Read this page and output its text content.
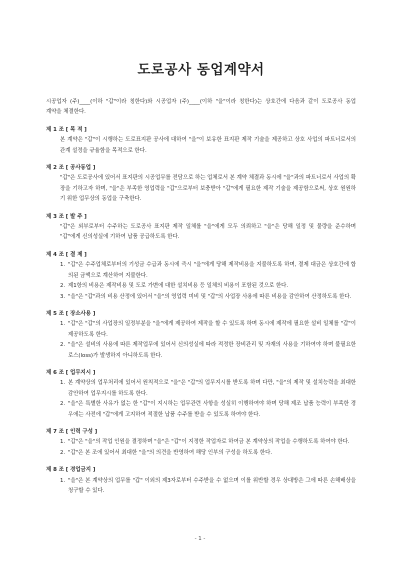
도로공사 동업계약서

시공업자 (주)____(이하 "갑"이라 칭한다)와 시공업자 (주)____(이하 "을"이라 칭한다)는 상호간에 다음과 같이 도로공사 동업 계약을 체결한다.

제 1 조 [ 목 적 ]

본 계약은 "갑"이 시행하는 도로표지판 공사에 대하여 "을"이 보유한 표지판 제작 기술을 제공하고 상호 사업의 파트너로서의 관계 설정을 규율함을 목적으로 한다.

제 2 조 [ 공사동업 ]

"갑"은 도로공사에 있어서 표지판의 시공업무를 전담으로 하는 업체로서 본 계약 체결과 동시에 "을"과의 파트너로서 사업의 확장을 기하고자 하며, "을"은 부족한 영업력을 "갑"으로부터 보충받아 "갑"에게 필요한 제작 기술을 제공함으로써, 상호 원원하기 위한 업무상의 동업을 구축한다.

제 3 조 [ 발 주 ]

"갑"은 외부로부터 수주하는 도로공사 표지판 제작 일체를 "을"에게 모두 의뢰하고 "을"은 당해 일정 및 물량을 준수하며 "갑"에게 신의성실에 기하여 납품 공급하도록 한다.

제 4 조 [ 결 제 ]

1. "갑"은 수주업체로부터의 기성금 수급과 동시에 즉시 "을"에게 당해 제작비용을 지불하도록 하며, 결제 대금은 상호간에 합의된 금액으로 계산하여 지불한다.
2. 제1항의 비용은 제작비용 및 도로 가변에 대한 설치비용 등 일체의 비용이 포함된 것으로 한다.
3. "을"은 "갑"과의 비용 산정에 있어서 "을"의 영업력 미비 및 "갑"의 사업장 사용에 따른 비용을 감안하여 산정하도록 한다.

제 5 조 [ 장소사용 ]

1. "갑"은 "갑"의 사업장의 일정부분을 "을"에게 제공하여 제작을 할 수 있도록 하며 동시에 제작에 필요한 설비 일체를 "갑"이 제공하도록 한다.
2. "을"은 설비의 사용에 따른 제작업무에 있어서 신의성실에 따라 적정한 장비관리 및 자재의 사용을 기하여야 하며 불필요한 로스(loss)가 발생하지 아니하도록 한다.

제 6 조 [ 업무지시 ]

1. 본 계약상의 업무처리에 있어서 원칙적으로 "을"은 "갑"의 업무지시를 받도록 하며 다만, "을"의 제작 및 설치능력을 최대한 감안하여 업무지시를 하도록 한다.
2. "을"은 특별한 사유가 없는 한 "갑"이 지시하는 업무관련 사항을 성실히 이행하여야 하며 당해 제조 납품 능력이 부족한 경우에는 사전에 "갑"에게 고지하여 적절한 납품 수주를 받을 수 있도록 하여야 한다.

제 7 조 [ 인력 구성 ]

1. "갑"은 "을"의 작업 인원을 결정하며 "을"은 "갑"이 지정한 작업자로 하여금 본 계약상의 작업을 수행하도록 하여야 한다.
2. "갑"은 본 조에 있어서 최대한 "을"의 의견을 반영하여 해당 인부의 구성을 하도록 한다.

제 8 조 [ 경업금지 ]

1. "을"은 본 계약상의 업무를 "갑" 이외의 제3자로부터 수주받을 수 없으며 이를 위반할 경우 상대방은 그에 따른 손해배상을 청구할 수 있다.
- 1 -
